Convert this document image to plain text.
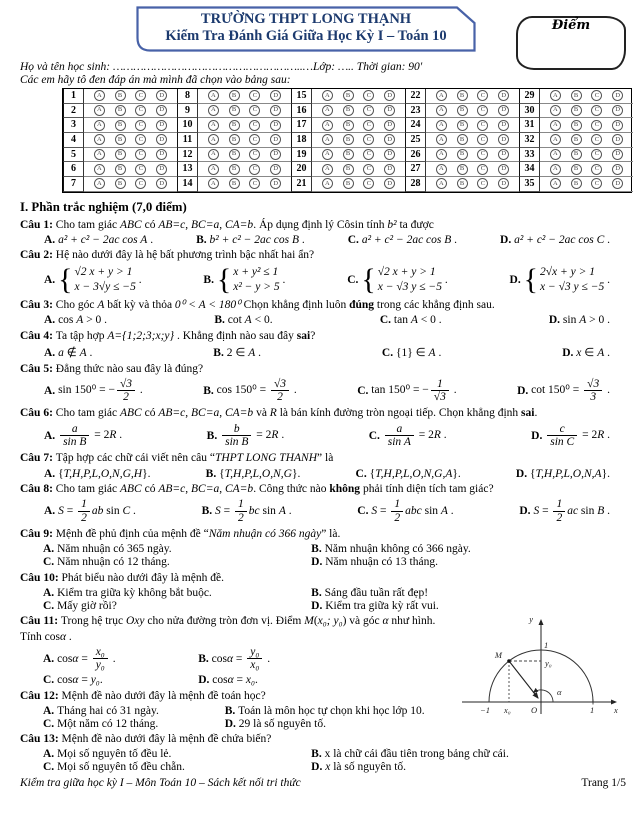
TRƯỜNG THPT LONG THẠNH
Kiểm Tra Đánh Giá Giữa Học Kỳ I – Toán 10
Điểm
Họ và tên học sinh: ………………………………………………..…Lớp: ….. Thời gian: 90'
Các em hãy tô đen đáp án mà mình đã chọn vào bảng sau:
1	A	B	C	D	8	A	B	C	D	15	A	B	C	D	22	A	B	C	D	29	A	B	C	D
2	A	B	C	D	9	A	B	C	D	16	A	B	C	D	23	A	B	C	D	30	A	B	C	D
3	A	B	C	D	10	A	B	C	D	17	A	B	C	D	24	A	B	C	D	31	A	B	C	D
4	A	B	C	D	11	A	B	C	D	18	A	B	C	D	25	A	B	C	D	32	A	B	C	D
5	A	B	C	D	12	A	B	C	D	19	A	B	C	D	26	A	B	C	D	33	A	B	C	D
6	A	B	C	D	13	A	B	C	D	20	A	B	C	D	27	A	B	C	D	34	A	B	C	D
7	A	B	C	D	14	A	B	C	D	21	A	B	C	D	28	A	B	C	D	35	A	B	C	D
I. Phần trắc nghiệm (7,0 điểm)
Câu 1: Cho tam giác ABC có AB=c, BC=a, CA=b. Áp dụng định lý Côsin tính b² ta được
A. a² + c² − 2ac cos A .	B. b² + c² − 2ac cos B .	C. a² + c² − 2ac cos B .	D. a² + c² − 2ac cos C .
Câu 2: Hệ nào dưới đây là hệ bất phương trình bậc nhất hai ẩn?
A. { √2 x + y > 1
x − 3√y ≤ −5
.	B. { x + y² ≤ 1
x² − y > 5
.	C. { √2 x + y > 1
x − √3 y ≤ −5
.	D. { 2√x + y > 1
x − √3 y ≤ −5
.
Câu 3: Cho góc A bất kỳ và thỏa 0⁰ < A < 180⁰ Chọn khẳng định luôn đúng trong các khẳng định sau.
A. cos A > 0 .	B. cot A < 0.	C. tan A < 0 .	D. sin A > 0 .
Câu 4: Ta tập hợp A={1;2;3;x;y} . Khẳng định nào sau đây sai?
A. a ∉ A .	B. 2 ∈ A .	C. {1} ∈ A .	D. x ∈ A .
Câu 5: Đẳng thức nào sau đây là đúng?
A. sin 150⁰ = − $\frac{√3}{2}$ .	B. $\cos 150^0 = \frac{√3}{2}$ .	C. tan 150⁰ = − $\frac{1}{√3}$ .	D. $\cot 150^0 = \frac{√3}{3}$ .
Câu 6: Cho tam giác ABC có AB=c, BC=a, CA=b và R là bán kính đường tròn ngoại tiếp. Chọn khẳng định sai.
A. $\frac{a}{\text{sin B}} = 2R$ .	B. $\frac{b}{\text{sin B}} = 2R$ .	C. $\frac{a}{\text{sin A}} = 2R$ .	D. $\frac{c}{\text{sin C}} = 2R$ .
Câu 7: Tập hợp các chữ cái viết nên câu “THPT LONG THANH” là
A. {T,H,P,L,O,N,G,H}.	B. {T,H,P,L,O,N,G}.	C. {T,H,P,L,O,N,G,A}.	D. {T,H,P,L,O,N,A}.
Câu 8: Cho tam giác ABC có AB=c, BC=a, CA=b. Công thức nào không phải tính diện tích tam giác?
A. $S = \frac{1}{2}$ ab sin C .	B. $S = \frac{1}{2}$ bc sin A .	C. $S = \frac{1}{2}$ abc sin A .	D. $S = \frac{1}{2}$ ac sin B .
Câu 9: Mệnh đề phủ định của mệnh đề “Năm nhuận có 366 ngày” là.
A. Năm nhuận có 365 ngày.	B. Năm nhuận không có 366 ngày.
C. Năm nhuận có 12 tháng.	D. Năm nhuận có 13 tháng.
Câu 10: Phát biểu nào dưới đây là mệnh đề.
A. Kiểm tra giữa kỳ không bắt buộc.	B. Sáng đầu tuần rất đẹp!
C. Mấy giờ rồi?	D. Kiểm tra giữa kỳ rất vui.
y
x
1
1
−1	O
M
x₀
y₀
α
Câu 11: Trong hệ trục Oxy cho nửa đường tròn đơn vị. Điểm M(x₀; y₀) và góc α như hình. Tính cosα .
A. $\cos\alpha = \frac{\text{x₀}}{\text{y₀}}$ .	B. $\cos\alpha = \frac{\text{y₀}}{\text{x₀}}$ .
C. cosα = y₀.	D. cosα = x₀.
Câu 12: Mệnh đề nào dưới đây là mệnh đề toán học?
A. Tháng hai có 31 ngày.	B. Toán là môn học tự chọn khi học lớp 10.
C. Một năm có 12 tháng.	D. 29 là số nguyên tố.
Câu 13: Mệnh đề nào dưới đây là mệnh đề chứa biến?
A. Mọi số nguyên tố đều lẻ.	B. x là chữ cái đầu tiên trong bảng chữ cái.
C. Mọi số nguyên tố đều chẵn.	D. x là số nguyên tố.
Kiểm tra giữa học kỳ I – Môn Toán 10 – Sách kết nối tri thức	Trang 1/5
